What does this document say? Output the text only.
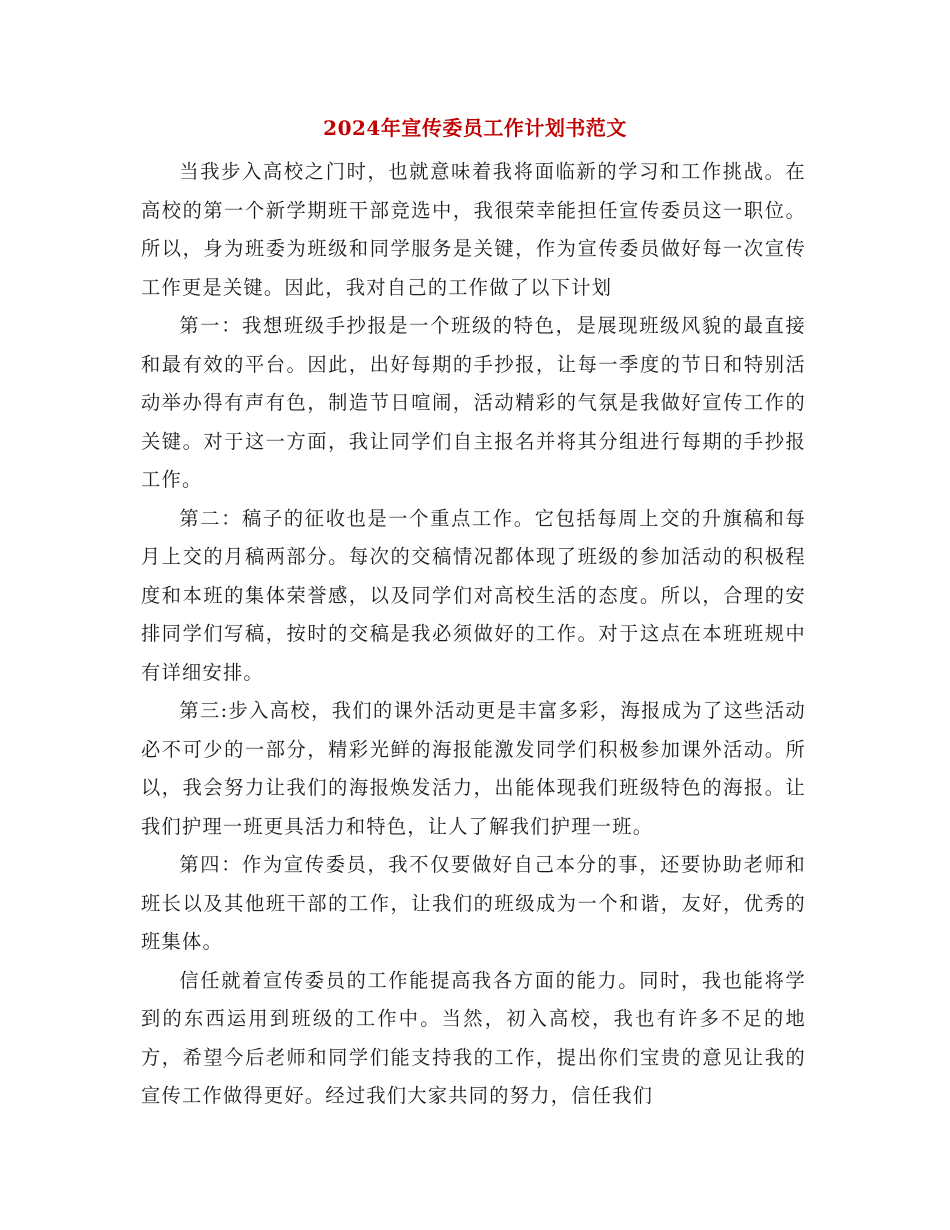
2024年宣传委员工作计划书范文

当我步入高校之门时，也就意味着我将面临新的学习和工作挑战。在高校的第一个新学期班干部竞选中，我很荣幸能担任宣传委员这一职位。所以，身为班委为班级和同学服务是关键，作为宣传委员做好每一次宣传工作更是关键。因此，我对自己的工作做了以下计划

第一：我想班级手抄报是一个班级的特色，是展现班级风貌的最直接和最有效的平台。因此，出好每期的手抄报，让每一季度的节日和特别活动举办得有声有色，制造节日喧闹，活动精彩的气氛是我做好宣传工作的关键。对于这一方面，我让同学们自主报名并将其分组进行每期的手抄报工作。

第二：稿子的征收也是一个重点工作。它包括每周上交的升旗稿和每月上交的月稿两部分。每次的交稿情况都体现了班级的参加活动的积极程度和本班的集体荣誉感，以及同学们对高校生活的态度。所以，合理的安排同学们写稿，按时的交稿是我必须做好的工作。对于这点在本班班规中有详细安排。

第三:步入高校，我们的课外活动更是丰富多彩，海报成为了这些活动必不可少的一部分，精彩光鲜的海报能激发同学们积极参加课外活动。所以，我会努力让我们的海报焕发活力，出能体现我们班级特色的海报。让我们护理一班更具活力和特色，让人了解我们护理一班。

第四：作为宣传委员，我不仅要做好自己本分的事，还要协助老师和班长以及其他班干部的工作，让我们的班级成为一个和谐，友好，优秀的班集体。

信任就着宣传委员的工作能提高我各方面的能力。同时，我也能将学到的东西运用到班级的工作中。当然，初入高校，我也有许多不足的地方，希望今后老师和同学们能支持我的工作，提出你们宝贵的意见让我的宣传工作做得更好。经过我们大家共同的努力，信任我们
